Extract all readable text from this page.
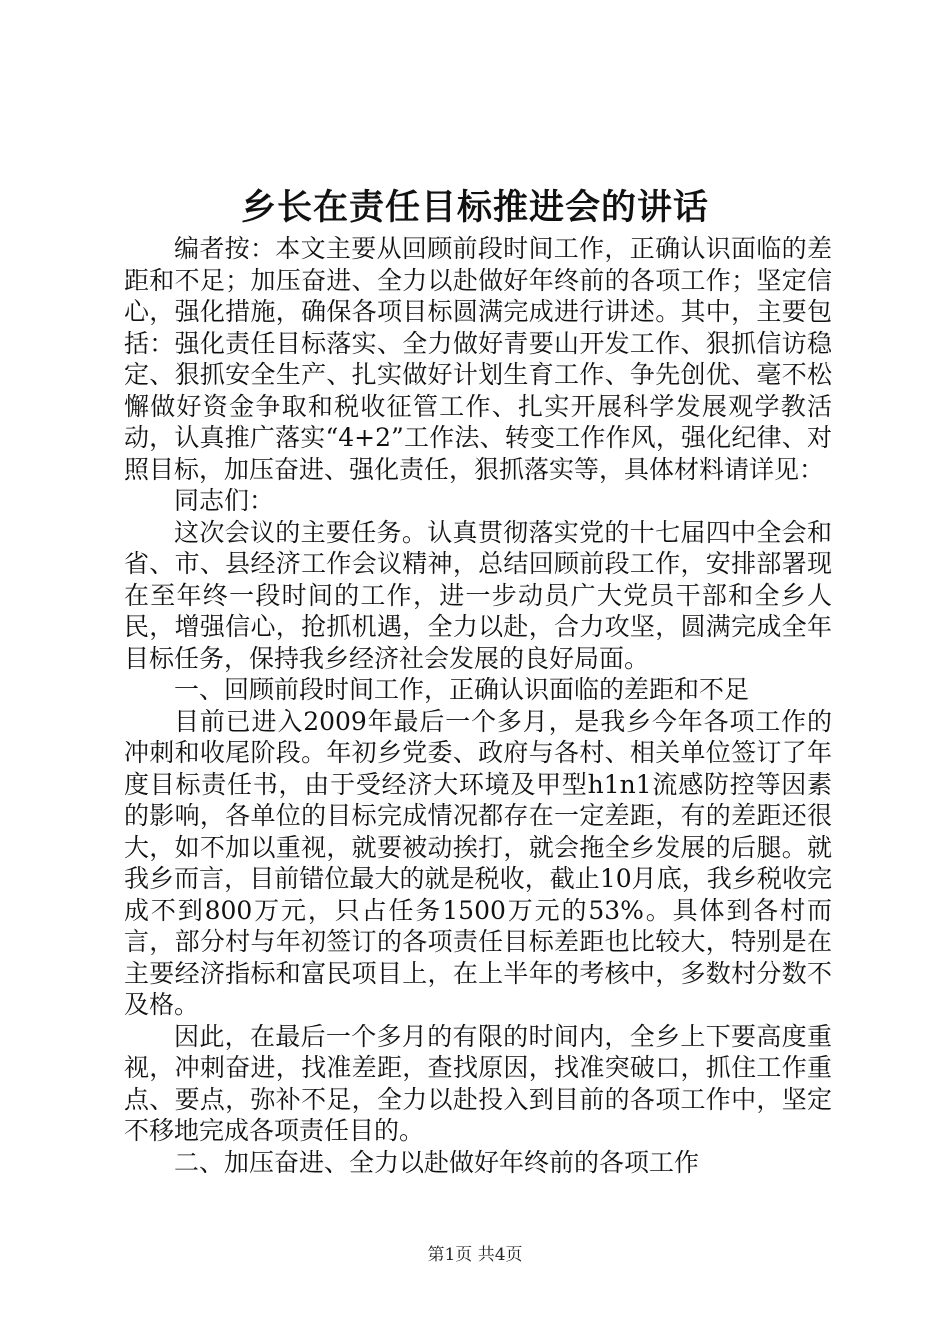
乡长在责任目标推进会的讲话

编者按：本文主要从回顾前段时间工作，正确认识面临的差距和不足；加压奋进、全力以赴做好年终前的各项工作；坚定信心，强化措施，确保各项目标圆满完成进行讲述。其中，主要包括：强化责任目标落实、全力做好青要山开发工作、狠抓信访稳定、狠抓安全生产、扎实做好计划生育工作、争先创优、毫不松懈做好资金争取和税收征管工作、扎实开展科学发展观学教活动，认真推广落实“4+2”工作法、转变工作作风，强化纪律、对照目标，加压奋进、强化责任，狠抓落实等，具体材料请详见：

同志们：

这次会议的主要任务。认真贯彻落实党的十七届四中全会和省、市、县经济工作会议精神，总结回顾前段工作，安排部署现在至年终一段时间的工作，进一步动员广大党员干部和全乡人民，增强信心，抢抓机遇，全力以赴，合力攻坚，圆满完成全年目标任务，保持我乡经济社会发展的良好局面。

一、回顾前段时间工作，正确认识面临的差距和不足

目前已进入2009年最后一个多月，是我乡今年各项工作的冲刺和收尾阶段。年初乡党委、政府与各村、相关单位签订了年度目标责任书，由于受经济大环境及甲型h1n1流感防控等因素的影响，各单位的目标完成情况都存在一定差距，有的差距还很大，如不加以重视，就要被动挨打，就会拖全乡发展的后腿。就我乡而言，目前错位最大的就是税收，截止10月底，我乡税收完成不到800万元，只占任务1500万元的53%。具体到各村而言，部分村与年初签订的各项责任目标差距也比较大，特别是在主要经济指标和富民项目上，在上半年的考核中，多数村分数不及格。

因此，在最后一个多月的有限的时间内，全乡上下要高度重视，冲刺奋进，找准差距，查找原因，找准突破口，抓住工作重点、要点，弥补不足，全力以赴投入到目前的各项工作中，坚定不移地完成各项责任目的。

二、加压奋进、全力以赴做好年终前的各项工作

第1页 共4页
